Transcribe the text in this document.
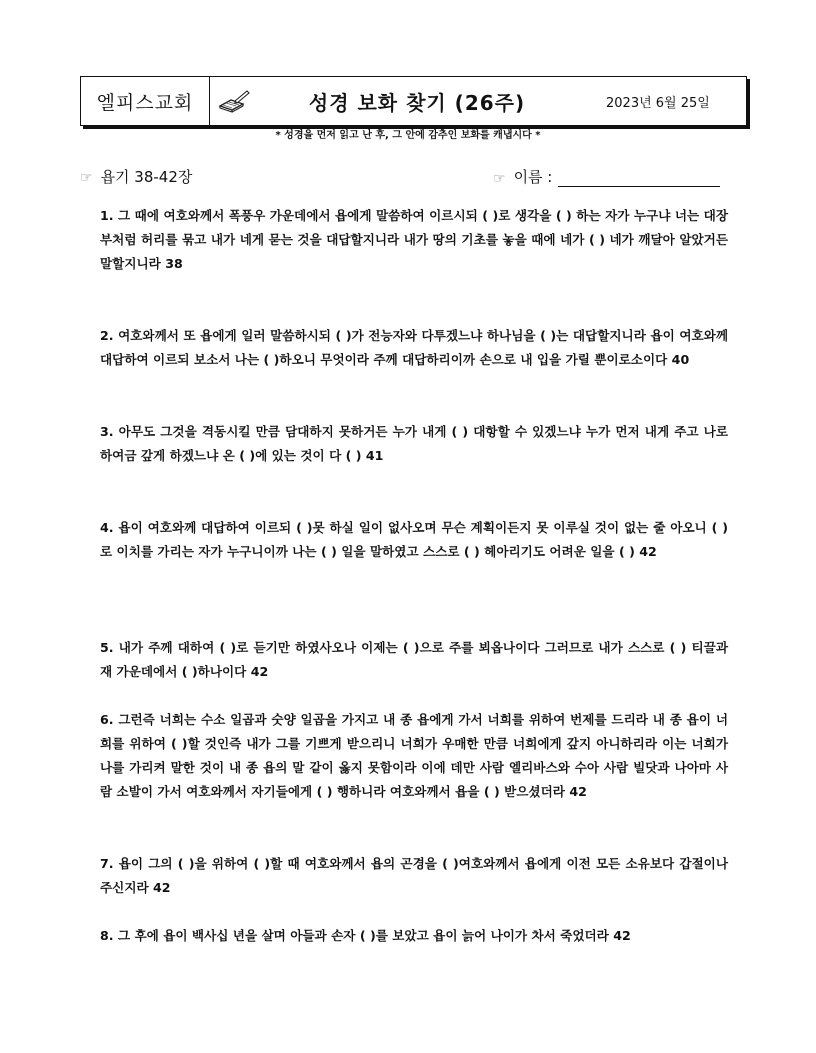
엘피스교회	성경 보화 찾기 (26주)	2023년 6월 25일
* 성경을 먼저 읽고 난 후, 그 안에 감추인 보화를 캐냅시다 *
☞ 욥기 38-42장	☞ 이름 :

1. 그 때에 여호와께서 폭풍우 가운데에서 욥에게 말씀하여 이르시되 ( )로 생각을 ( ) 하는 자가 누구냐 너는 대장부처럼 허리를 묶고 내가 네게 묻는 것을 대답할지니라 내가 땅의 기초를 놓을 때에 네가 ( ) 네가 깨달아 알았거든 말할지니라 38

2. 여호와께서 또 욥에게 일러 말씀하시되 ( )가 전능자와 다투겠느냐 하나님을 ( )는 대답할지니라 욥이 여호와께 대답하여 이르되 보소서 나는 ( )하오니 무엇이라 주께 대답하리이까 손으로 내 입을 가릴 뿐이로소이다 40

3. 아무도 그것을 격동시킬 만큼 담대하지 못하거든 누가 내게 ( ) 대항할 수 있겠느냐 누가 먼저 내게 주고 나로 하여금 갚게 하겠느냐 온 ( )에 있는 것이 다 ( ) 41

4. 욥이 여호와께 대답하여 이르되 ( )못 하실 일이 없사오며 무슨 계획이든지 못 이루실 것이 없는 줄 아오니 ( )로 이치를 가리는 자가 누구니이까 나는 ( ) 일을 말하였고 스스로 ( ) 헤아리기도 어려운 일을 ( ) 42

5. 내가 주께 대하여 ( )로 듣기만 하였사오나 이제는 ( )으로 주를 뵈옵나이다 그러므로 내가 스스로 ( ) 티끌과 재 가운데에서 ( )하나이다 42

6. 그런즉 너희는 수소 일곱과 숫양 일곱을 가지고 내 종 욥에게 가서 너희를 위하여 번제를 드리라 내 종 욥이 너희를 위하여 ( )할 것인즉 내가 그를 기쁘게 받으리니 너희가 우매한 만큼 너희에게 갚지 아니하리라 이는 너희가 나를 가리켜 말한 것이 내 종 욥의 말 같이 옳지 못함이라 이에 데만 사람 엘리바스와 수아 사람 빌닷과 나아마 사람 소발이 가서 여호와께서 자기들에게 ( ) 행하니라 여호와께서 욥을 ( ) 받으셨더라 42

7. 욥이 그의 ( )을 위하여 ( )할 때 여호와께서 욥의 곤경을 ( )여호와께서 욥에게 이전 모든 소유보다 갑절이나 주신지라 42

8. 그 후에 욥이 백사십 년을 살며 아들과 손자 ( )를 보았고 욥이 늙어 나이가 차서 죽었더라 42
